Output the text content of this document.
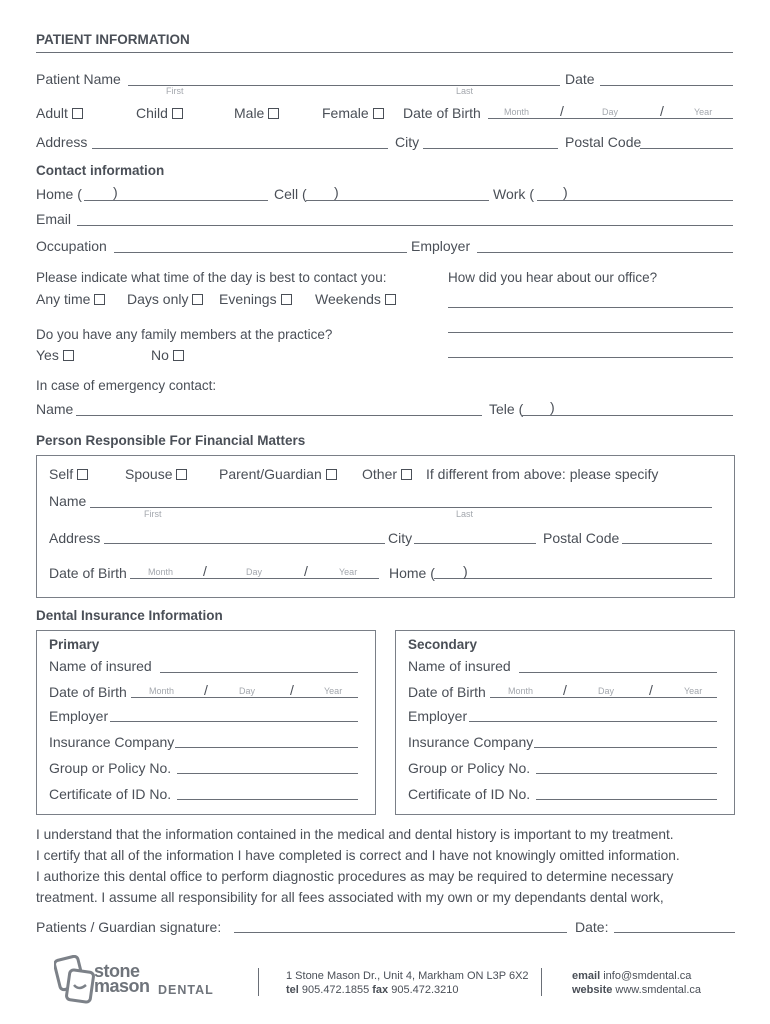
PATIENT INFORMATION
Patient Name
First	Last
Date
Adult	Child	Male	Female	Date of Birth	Month /	Day	/	Year
Address	City	Postal Code
Contact information
Home ( )	Cell ( )	Work ( )
Email
Occupation	Employer
Please indicate what time of the day is best to contact you:	How did you hear about our office?
Any time	Days only	Evenings	Weekends
Do you have any family members at the practice?
Yes	No
In case of emergency contact:
Name	Tele ( )
Person Responsible For Financial Matters
Self	Spouse	Parent/Guardian	Other	If different from above: please specify
Name
First	Last
Address	City	Postal Code
Date of Birth Month /	Day	/	Year Home ( )
Dental Insurance Information
Primary
Name of insured
Date of Birth Month /	Day /	Year
Employer
Insurance Company
Group or Policy No.
Certificate of ID No.
Secondary
Name of insured
Date of Birth Month /	Day /	Year
Employer
Insurance Company
Group or Policy No.
Certificate of ID No.
I understand that the information contained in the medical and dental history is important to my treatment.
I certify that all of the information I have completed is correct and I have not knowingly omitted information.
I authorize this dental office to perform diagnostic procedures as may be required to determine necessary
treatment. I assume all responsibility for all fees associated with my own or my dependants dental work,
Patients / Guardian signature:	Date:
stone
mason DENTAL
1 Stone Mason Dr., Unit 4, Markham ON L3P 6X2
tel 905.472.1855 fax 905.472.3210
email info@smdental.ca
website www.smdental.ca
